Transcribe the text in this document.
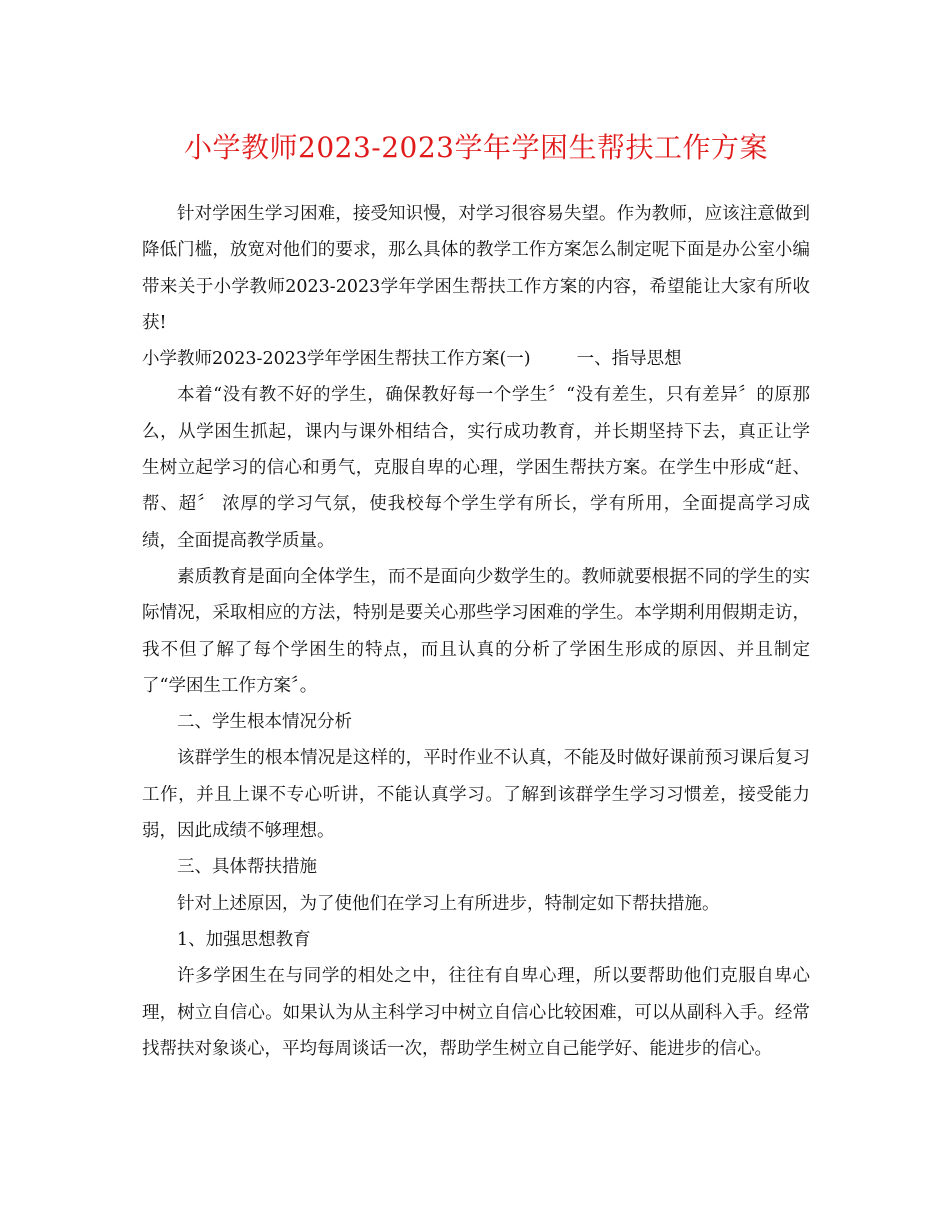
小学教师2023-2023学年学困生帮扶工作方案

针对学困生学习困难，接受知识慢，对学习很容易失望。作为教师，应该注意做到降低门槛，放宽对他们的要求，那么具体的教学工作方案怎么制定呢下面是办公室小编带来关于小学教师2023-2023学年学困生帮扶工作方案的内容，希望能让大家有所收获!

小学教师2023-2023学年学困生帮扶工作方案(一)	一、指导思想

本着“没有教不好的学生，确保教好每一个学生〞“没有差生，只有差异〞的原那么，从学困生抓起，课内与课外相结合，实行成功教育，并长期坚持下去，真正让学 生树立起学习的信心和勇气，克服自卑的心理，学困生帮扶方案。在学生中形成“赶、帮、超〞 浓厚的学习气氛，使我校每个学生学有所长，学有所用，全面提高学习成绩，全面提高教学质量。

素质教育是面向全体学生，而不是面向少数学生的。教师就要根据不同的学生的实际情况，采取相应的方法，特别是要关心那些学习困难的学生。本学期利用假期走访，我不但了解了每个学困生的特点，而且认真的分析了学困生形成的原因、并且制定了“学困生工作方案〞。

二、学生根本情况分析

该群学生的根本情况是这样的，平时作业不认真，不能及时做好课前预习课后复习工作，并且上课不专心听讲，不能认真学习。了解到该群学生学习习惯差，接受能力弱，因此成绩不够理想。

三、具体帮扶措施

针对上述原因，为了使他们在学习上有所进步，特制定如下帮扶措施。

1、加强思想教育

许多学困生在与同学的相处之中，往往有自卑心理，所以要帮助他们克服自卑心理，树立自信心。如果认为从主科学习中树立自信心比较困难，可以从副科入手。经常找帮扶对象谈心，平均每周谈话一次，帮助学生树立自己能学好、能进步的信心。
